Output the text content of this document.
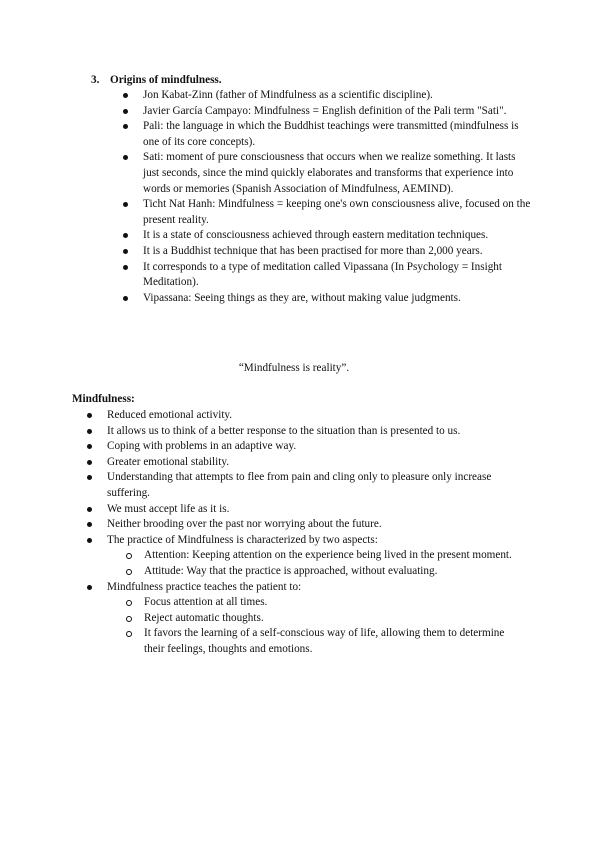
3. Origins of mindfulness.
Jon Kabat-Zinn (father of Mindfulness as a scientific discipline).
Javier García Campayo: Mindfulness = English definition of the Pali term "Sati".
Pali: the language in which the Buddhist teachings were transmitted (mindfulness is one of its core concepts).
Sati: moment of pure consciousness that occurs when we realize something. It lasts just seconds, since the mind quickly elaborates and transforms that experience into words or memories (Spanish Association of Mindfulness, AEMIND).
Ticht Nat Hanh: Mindfulness = keeping one's own consciousness alive, focused on the present reality.
It is a state of consciousness achieved through eastern meditation techniques.
It is a Buddhist technique that has been practised for more than 2,000 years.
It corresponds to a type of meditation called Vipassana (In Psychology = Insight Meditation).
Vipassana: Seeing things as they are, without making value judgments.
“Mindfulness is reality”.
Mindfulness:
Reduced emotional activity.
It allows us to think of a better response to the situation than is presented to us.
Coping with problems in an adaptive way.
Greater emotional stability.
Understanding that attempts to flee from pain and cling only to pleasure only increase suffering.
We must accept life as it is.
Neither brooding over the past nor worrying about the future.
The practice of Mindfulness is characterized by two aspects:
Attention: Keeping attention on the experience being lived in the present moment.
Attitude: Way that the practice is approached, without evaluating.
Mindfulness practice teaches the patient to:
Focus attention at all times.
Reject automatic thoughts.
It favors the learning of a self-conscious way of life, allowing them to determine their feelings, thoughts and emotions.
